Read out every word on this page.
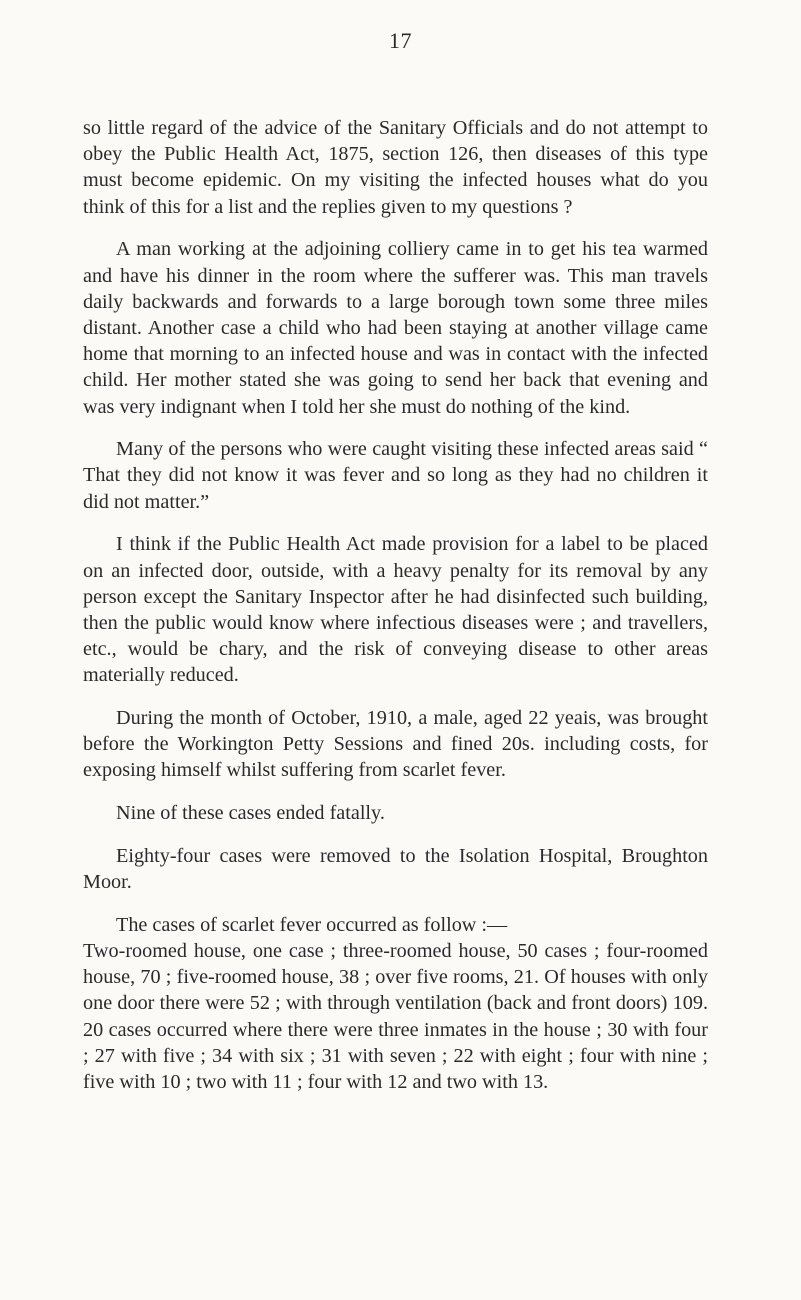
17

so little regard of the advice of the Sanitary Officials and do not attempt to obey the Public Health Act, 1875, section 126, then diseases of this type must become epidemic. On my visiting the infected houses what do you think of this for a list and the replies given to my questions ?

A man working at the adjoining colliery came in to get his tea warmed and have his dinner in the room where the sufferer was. This man travels daily backwards and forwards to a large borough town some three miles distant. Another case a child who had been staying at another village came home that morning to an infected house and was in contact with the infected child. Her mother stated she was going to send her back that evening and was very indignant when I told her she must do nothing of the kind.

Many of the persons who were caught visiting these infected areas said “ That they did not know it was fever and so long as they had no children it did not matter.”

I think if the Public Health Act made provision for a label to be placed on an infected door, outside, with a heavy penalty for its removal by any person except the Sanitary Inspector after he had disinfected such building, then the public would know where infectious diseases were ; and travellers, etc., would be chary, and the risk of conveying disease to other areas materially reduced.

During the month of October, 1910, a male, aged 22 yeais, was brought before the Workington Petty Sessions and fined 20s. including costs, for exposing himself whilst suffering from scarlet fever.

Nine of these cases ended fatally.

Eighty-four cases were removed to the Isolation Hospital, Broughton Moor.

The cases of scarlet fever occurred as follow :—

Two-roomed house, one case ; three-roomed house, 50 cases ; four-roomed house, 70 ; five-roomed house, 38 ; over five rooms, 21. Of houses with only one door there were 52 ; with through ventilation (back and front doors) 109. 20 cases occurred where there were three inmates in the house ; 30 with four ; 27 with five ; 34 with six ; 31 with seven ; 22 with eight ; four with nine ; five with 10 ; two with 11 ; four with 12 and two with 13.
